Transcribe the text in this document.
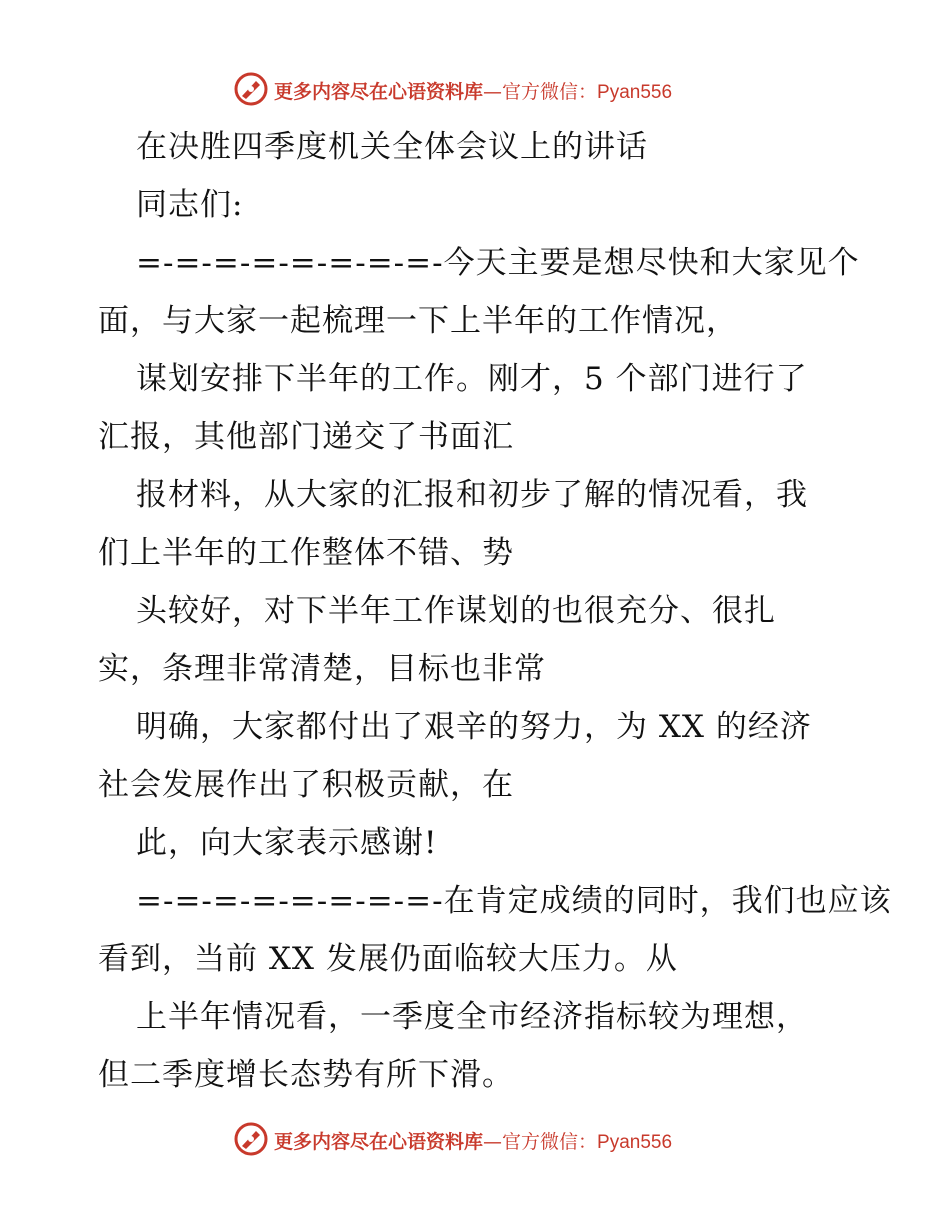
更多内容尽在心语资料库—官方微信：Pyan556
在决胜四季度机关全体会议上的讲话
同志们:
=-=-=-=-=-=-=-=-今天主要是想尽快和大家见个
面，与大家一起梳理一下上半年的工作情况，
谋划安排下半年的工作。刚才，5 个部门进行了
汇报，其他部门递交了书面汇
报材料，从大家的汇报和初步了解的情况看，我
们上半年的工作整体不错、势
头较好，对下半年工作谋划的也很充分、很扎
实，条理非常清楚，目标也非常
明确，大家都付出了艰辛的努力，为 XX 的经济
社会发展作出了积极贡献，在
此，向大家表示感谢!
=-=-=-=-=-=-=-=-在肯定成绩的同时，我们也应该
看到，当前 XX 发展仍面临较大压力。从
上半年情况看，一季度全市经济指标较为理想，
但二季度增长态势有所下滑。
更多内容尽在心语资料库—官方微信：Pyan556
